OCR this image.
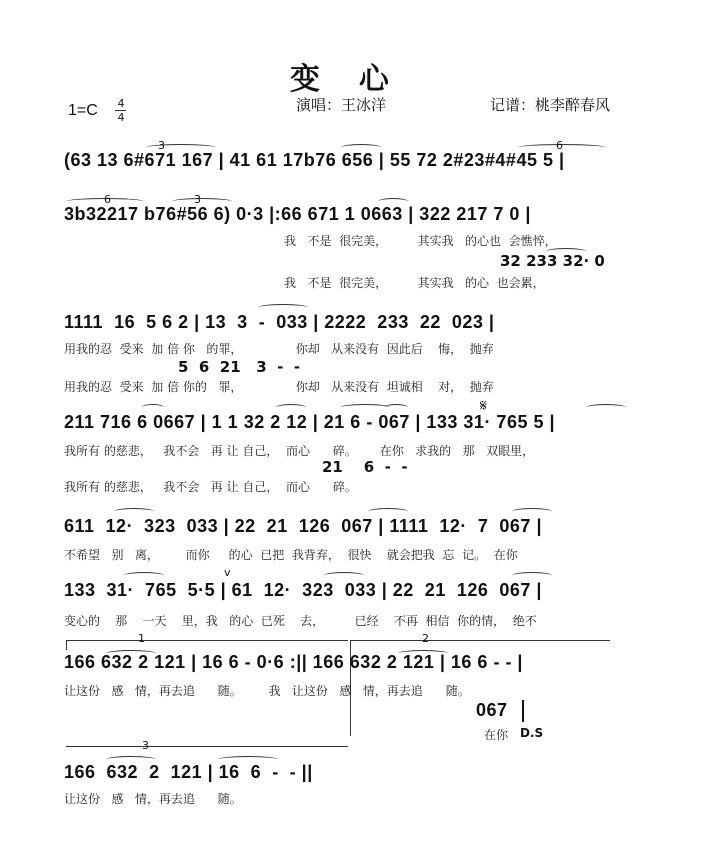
变  心
1=C 4
4
演唱：王冰洋	记谱：桃李醉春风
3	6
(63 13 6#671 167 | 41 61 17b76 656 | 55 72 2#23#4#45 5 |
6	3
3b32217 b76#56 6) 0·3 |:66 671 1 0663 | 322 217 7 0 |
我   不是  很完美，        其实我   的心也  会憔悴，
32 233 32· 0
我   不是  很完美，        其实我   的心  也会累，
1111  16  5 6 2 | 13  3  -  033 | 2222  233  22  023 |
用我的忍  受来  加 倍 你   的罪，              你却   从来没有  因此后    悔，  抛弃
5  6  21   3  -  -
用我的忍  受来  加 倍 你的   罪，              你却   从来没有  坦诚相    对，  抛弃
𝄋
211 716 6 0667 | 1 1 32 2 12 | 21 6 - 067 | 133 31· 765 5 |
我所有 的慈悲，   我不会   再 让 自己，  而心      碎。      在你   求我的   那   双眼里，
21    6  -  -
我所有 的慈悲，   我不会   再 让 自己，  而心      碎。
611  12·  323  033 | 22  21  126  067 | 1111  12·  7  067 |
不希望   别   离，       而你     的心  已把  我背弃，  很快    就会把我  忘  记。  在你
v
133  31·  765  5·5 | 61  12·  323  033 | 22  21  126  067 |
变心的    那    一天    里，我   的心  已死    去，        已经    不再  相信  你的情，  绝不
1	2
166 632 2 121 | 16 6 - 0·6 :|| 166 632 2 121 | 16 6 - - |
让这份   感   情，再去追      随。       我   让这份   感   情，再去追      随。
067
在你 D.S
3
166  632  2  121 | 16  6  -  - ||
让这份   感   情，再去追      随。
